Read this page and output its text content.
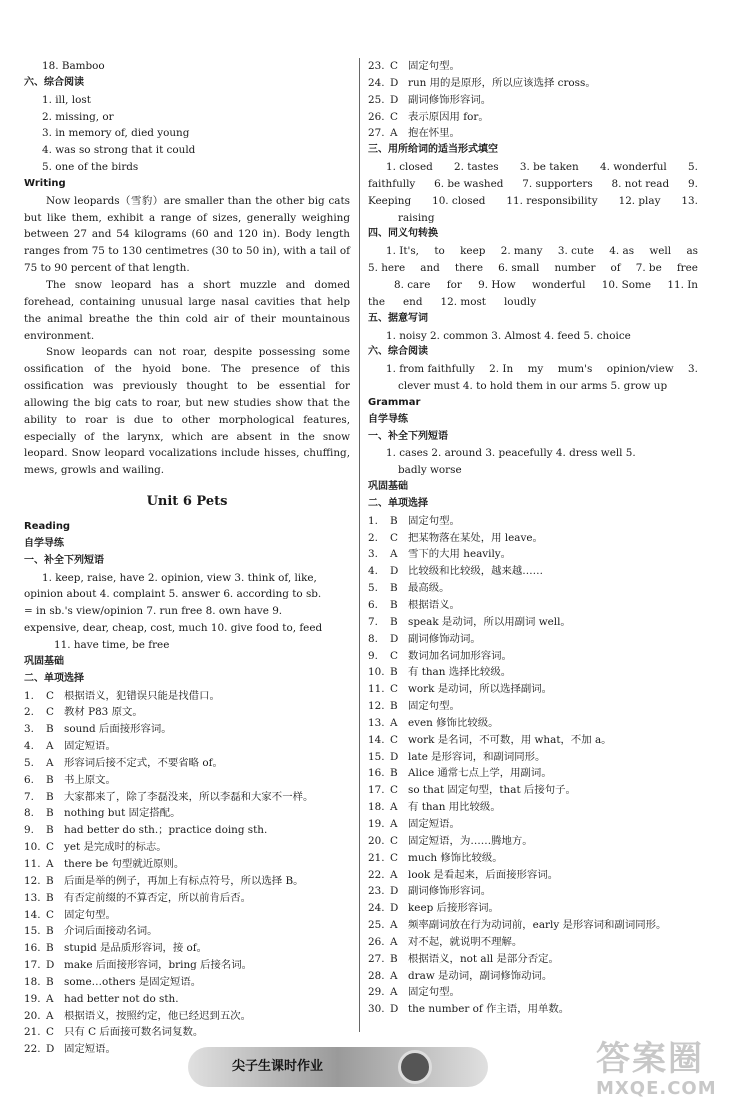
18. Bamboo
六、综合阅读
1. ill, lost
2. missing, or
3. in memory of, died young
4. was so strong that it could
5. one of the birds
Writing

Now leopards（雪豹）are smaller than the other big cats but like them, exhibit a range of sizes, generally weighing between 27 and 54 kilograms (60 and 120 in). Body length ranges from 75 to 130 centimetres (30 to 50 in), with a tail of 75 to 90 percent of that length.

The snow leopard has a short muzzle and domed forehead, containing unusual large nasal cavities that help the animal breathe the thin cold air of their mountainous environment.

Snow leopards can not roar, despite possessing some ossification of the hyoid bone. The presence of this ossification was previously thought to be essential for allowing the big cats to roar, but new studies show that the ability to roar is due to other morphological features, especially of the larynx, which are absent in the snow leopard. Snow leopard vocalizations include hisses, chuffing, mews, growls and wailing.

Unit 6 Pets
Reading
自学导练
一、补全下列短语
1. keep, raise, have 2. opinion, view 3. think of, like,
opinion about 4. complaint 5. answer 6. according to sb.
= in sb.'s view/opinion 7. run free 8. own have 9.
expensive, dear, cheap, cost, much 10. give food to, feed
11. have time, be free
巩固基础
二、单项选择
1. C 根据语义，犯错误只能是找借口。
2. C 教材 P83 原文。
3. B sound 后面接形容词。
4. A 固定短语。
5. A 形容词后接不定式，不要省略 of。
6. B 书上原文。
7. B 大家都来了，除了李磊没来，所以李磊和大家不一样。
8. B nothing but 固定搭配。
9. B had better do sth.；practice doing sth.
10. C yet 是完成时的标志。
11. A there be 句型就近原则。
12. B 后面是举的例子，再加上有标点符号，所以选择 B。
13. B 有否定前缀的不算否定，所以前肯后否。
14. C 固定句型。
15. B 介词后面接动名词。
16. B stupid 是品质形容词，接 of。
17. D make 后面接形容词，bring 后接名词。
18. B some…others 是固定短语。
19. A had better not do sth.
20. A 根据语义，按照约定，他已经迟到五次。
21. C 只有 C 后面接可数名词复数。
22. D 固定短语。
23. C 固定句型。
24. D run 用的是原形，所以应该选择 cross。
25. D 副词修饰形容词。
26. C 表示原因用 for。
27. A 抱在怀里。
三、用所给词的适当形式填空
1. closed 2. tastes 3. be taken 4. wonderful 5.
faithfully 6. be washed 7. supporters 8. not read 9.
Keeping 10. closed 11. responsibility 12. play 13.
raising
四、同义句转换
1. It's, to keep 2. many 3. cute 4. as well as
5. here and there 6. small number of 7. be free
8. care for 9. How wonderful 10. Some 11. In
the end 12. most loudly
五、据意写词
1. noisy 2. common 3. Almost 4. feed 5. choice
六、综合阅读
1. from faithfully 2. In my mum's opinion/view 3.
clever must 4. to hold them in our arms 5. grow up
Grammar
自学导练
一、补全下列短语
1. cases 2. around 3. peacefully 4. dress well 5.
badly worse
巩固基础
二、单项选择
1. B 固定句型。
2. C 把某物落在某处，用 leave。
3. A 雪下的大用 heavily。
4. D 比较级和比较级，越来越……
5. B 最高级。
6. B 根据语义。
7. B speak 是动词，所以用副词 well。
8. D 副词修饰动词。
9. C 数词加名词加形容词。
10. B 有 than 选择比较级。
11. C work 是动词，所以选择副词。
12. B 固定句型。
13. A even 修饰比较级。
14. C work 是名词，不可数，用 what，不加 a。
15. D late 是形容词，和副词同形。
16. B Alice 通常七点上学，用副词。
17. C so that 固定句型，that 后接句子。
18. A 有 than 用比较级。
19. A 固定短语。
20. C 固定短语，为……腾地方。
21. C much 修饰比较级。
22. A look 是看起来，后面接形容词。
23. D 副词修饰形容词。
24. D keep 后接形容词。
25. A 频率副词放在行为动词前，early 是形容词和副词同形。
26. A 对不起，就说明不理解。
27. B 根据语义，not all 是部分否定。
28. A draw 是动词，副词修饰动词。
29. A 固定句型。
30. D the number of 作主语，用单数。
尖子生课时作业	答案圈
MXQE.COM
